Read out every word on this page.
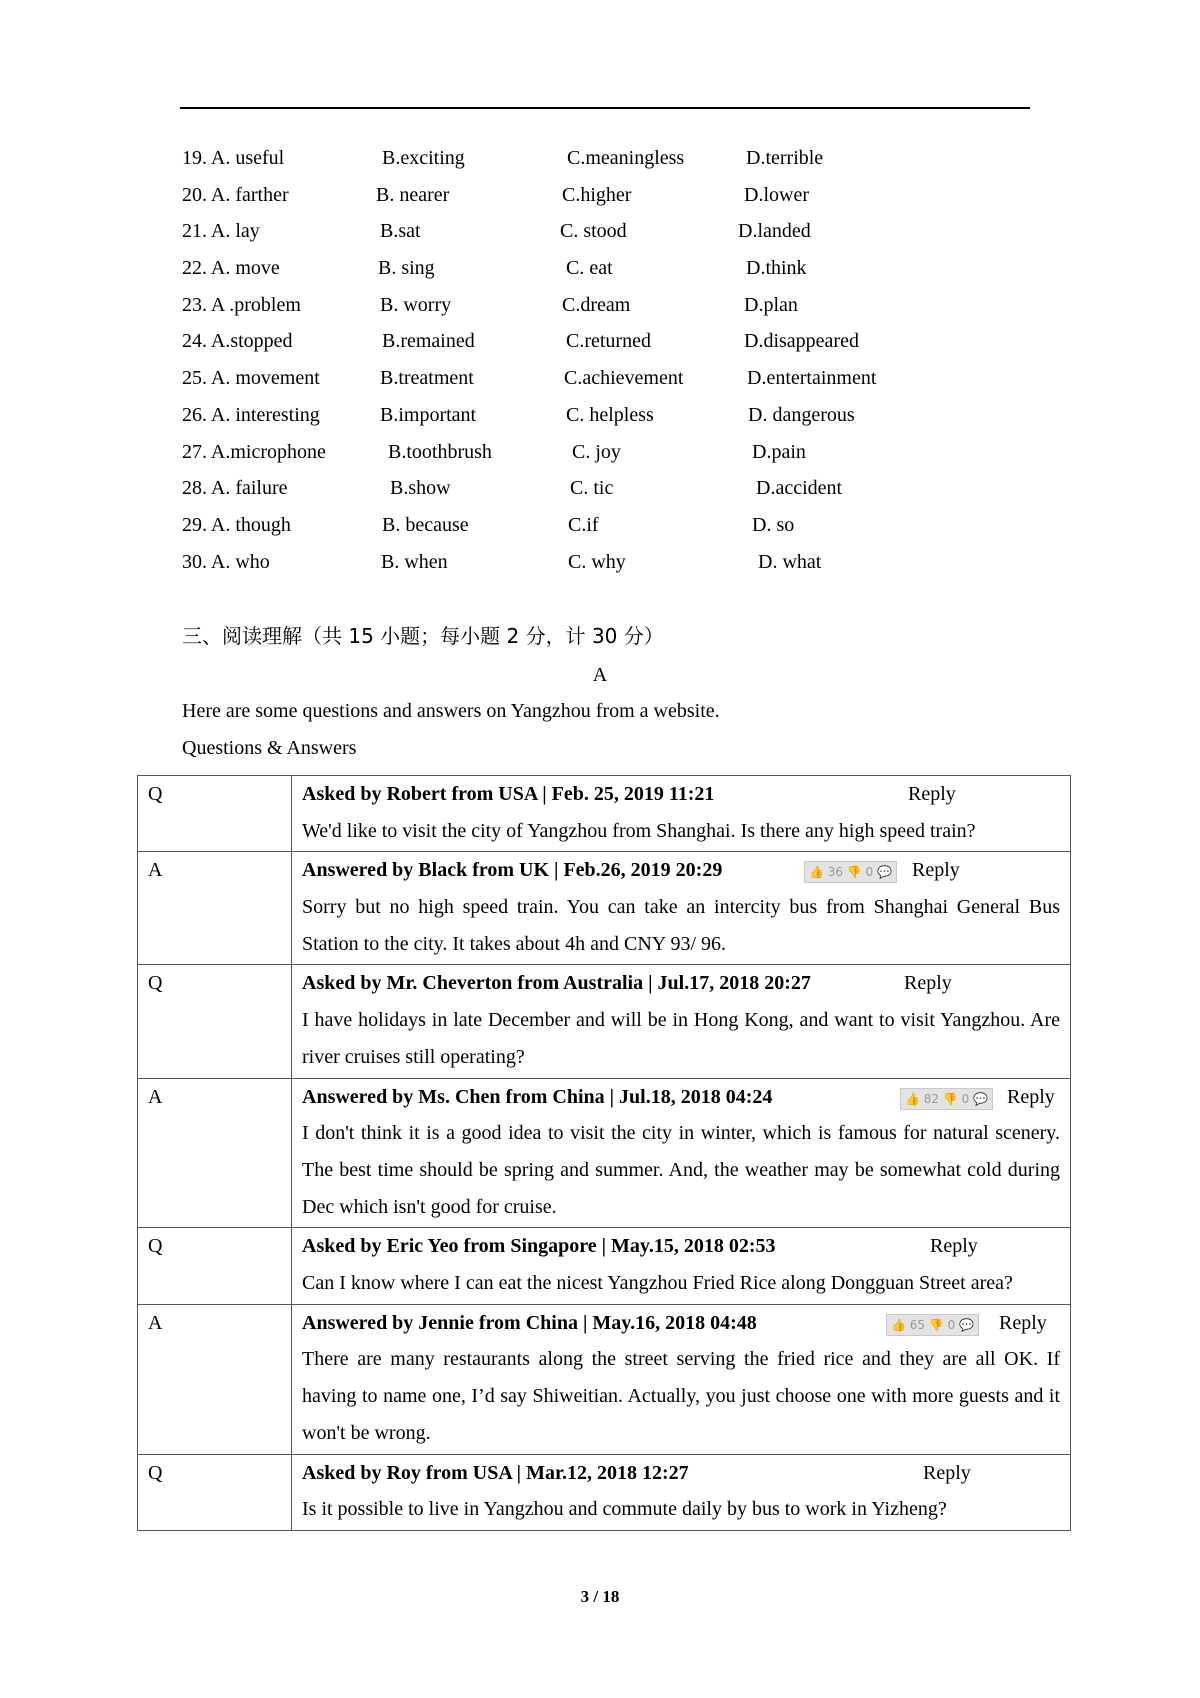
19. A. useful	B.exciting	C.meaningless	D.terrible
20. A. farther	B. nearer	C.higher	D.lower
21. A. lay	B.sat	C. stood	D.landed
22. A. move	B. sing	C. eat	D.think
23. A .problem	B. worry	C.dream	D.plan
24. A.stopped	B.remained	C.returned	D.disappeared
25. A. movement	B.treatment	C.achievement	D.entertainment
26. A. interesting	B.important	C. helpless	D. dangerous
27. A.microphone	B.toothbrush	C. joy	D.pain
28. A. failure	B.show	C. tic	D.accident
29. A. though	B. because	C.if	D. so
30. A. who	B. when	C. why	D. what
三、阅读理解（共 15 小题；每小题 2 分，计 30 分）
A
Here are some questions and answers on Yangzhou from a website.
Questions & Answers
Q	Asked by Robert from USA | Feb. 25, 2019 11:21 Reply
We'd like to visit the city of Yangzhou from Shanghai. Is there any high speed train?

A	Answered by Black from UK | Feb.26, 2019 20:29 👍 36 👎 0 💬 Reply
Sorry but no high speed train. You can take an intercity bus from Shanghai General Bus Station to the city. It takes about 4h and CNY 93/ 96.

Q	Asked by Mr. Cheverton from Australia | Jul.17, 2018 20:27 Reply
I have holidays in late December and will be in Hong Kong, and want to visit Yangzhou. Are river cruises still operating?

A	Answered by Ms. Chen from China | Jul.18, 2018 04:24 👍 82 👎 0 💬 Reply
I don't think it is a good idea to visit the city in winter, which is famous for natural scenery. The best time should be spring and summer. And, the weather may be somewhat cold during Dec which isn't good for cruise.

Q	Asked by Eric Yeo from Singapore | May.15, 2018 02:53 Reply
Can I know where I can eat the nicest Yangzhou Fried Rice along Dongguan Street area?

A	Answered by Jennie from China | May.16, 2018 04:48 👍 65 👎 0 💬 Reply
There are many restaurants along the street serving the fried rice and they are all OK. If having to name one, I’d say Shiweitian. Actually, you just choose one with more guests and it won't be wrong.

Q	Asked by Roy from USA | Mar.12, 2018 12:27 Reply
Is it possible to live in Yangzhou and commute daily by bus to work in Yizheng?
3 / 18
